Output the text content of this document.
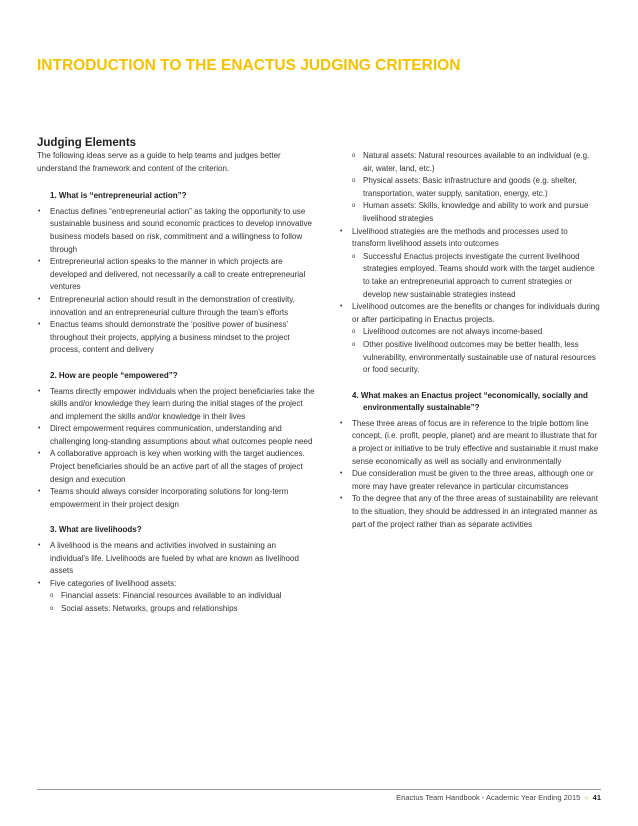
INTRODUCTION TO THE ENACTUS JUDGING CRITERION
Judging Elements

The following ideas serve as a guide to help teams and judges better understand the framework and content of the criterion.

1. What is “entrepreneurial action”?

• Enactus defines “entrepreneurial action” as taking the opportunity to use sustainable business and sound economic practices to develop innovative business models based on risk, commitment and a willingness to follow through

• Entrepreneurial action speaks to the manner in which projects are developed and delivered, not necessarily a call to create entrepreneurial ventures

• Entrepreneurial action should result in the demonstration of creativity, innovation and an entrepreneurial culture through the team’s efforts

• Enactus teams should demonstrate the ‘positive power of business’ throughout their projects, applying a business mindset to the project process, content and delivery

2. How are people “empowered”?

• Teams directly empower individuals when the project beneficiaries take the skills and/or knowledge they learn during the initial stages of the project and implement the skills and/or knowledge in their lives

• Direct empowerment requires communication, understanding and challenging long-standing assumptions about what outcomes people need

• A collaborative approach is key when working with the target audiences. Project beneficiaries should be an active part of all the stages of project design and execution

• Teams should always consider incorporating solutions for long-term empowerment in their project design

3. What are livelihoods?

• A livelihood is the means and activities involved in sustaining an individual’s life. Livelihoods are fueled by what are known as livelihood assets

• Five categories of livelihood assets:

o Financial assets: Financial resources available to an individual

o Social assets: Networks, groups and relationships

o Natural assets: Natural resources available to an individual (e.g. air, water, land, etc.)

o Physical assets: Basic infrastructure and goods (e.g. shelter, transportation, water supply, sanitation, energy, etc.)

o Human assets: Skills, knowledge and ability to work and pursue livelihood strategies

• Livelihood strategies are the methods and processes used to transform livelihood assets into outcomes

o Successful Enactus projects investigate the current livelihood strategies employed. Teams should work with the target audience to take an entrepreneurial approach to current strategies or develop new sustainable strategies instead

• Livelihood outcomes are the benefits or changes for individuals during or after participating in Enactus projects.

o Livelihood outcomes are not always income-based

o Other positive livelihood outcomes may be better health, less vulnerability, environmentally sustainable use of natural resources or food security.

4. What makes an Enactus project “economically, socially and
environmentally sustainable”?

• These three areas of focus are in reference to the triple bottom line concept, (i.e. profit, people, planet) and are meant to illustrate that for a project or initiative to be truly effective and sustainable it must make sense economically as well as socially and environmentally

• Due consideration must be given to the three areas, although one or more may have greater relevance in particular circumstances

• To the degree that any of the three areas of sustainability are relevant to the situation, they should be addressed in an integrated manner as part of the project rather than as separate activities

Enactus Team Handbook - Academic Year Ending 2015 » 41
